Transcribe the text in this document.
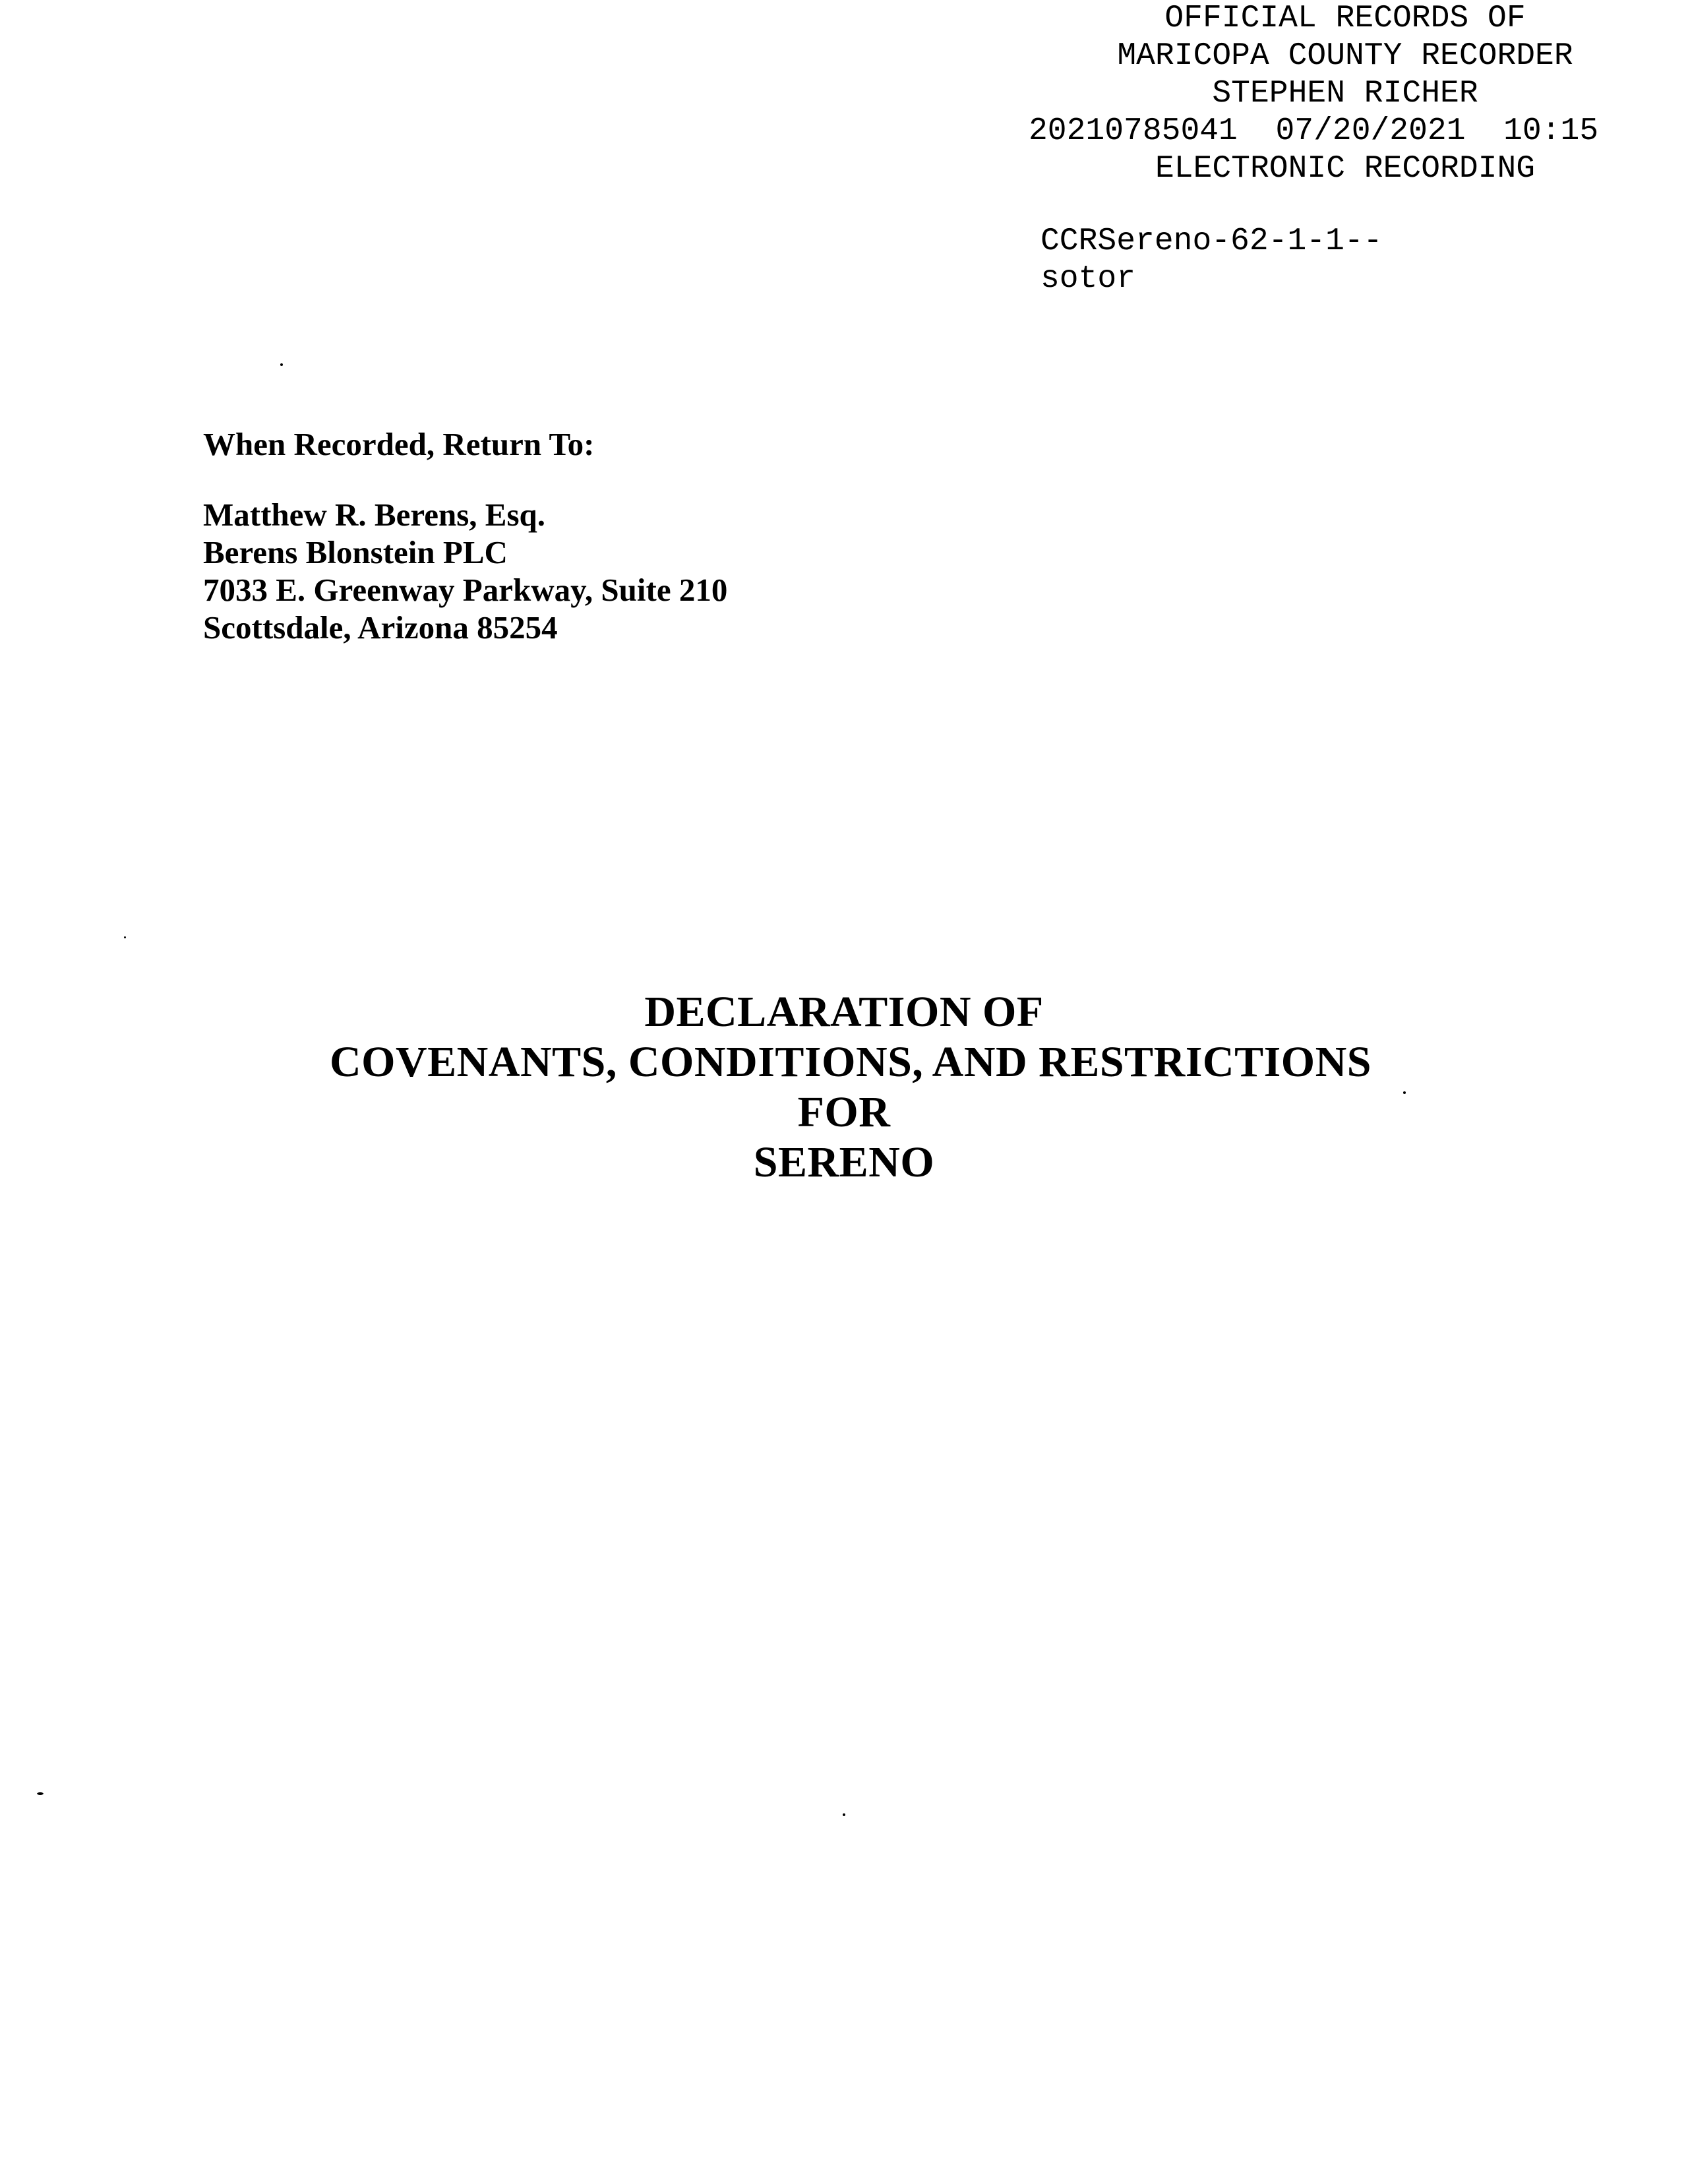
OFFICIAL RECORDS OF
MARICOPA COUNTY RECORDER
STEPHEN RICHER
20210785041 07/20/2021 10:15
ELECTRONIC RECORDING
CCRSereno-62-1-1--
sotor
When Recorded, Return To:
Matthew R. Berens, Esq.
Berens Blonstein PLC
7033 E. Greenway Parkway, Suite 210
Scottsdale, Arizona 85254
DECLARATION OF
COVENANTS, CONDITIONS, AND RESTRICTIONS
FOR
SERENO
